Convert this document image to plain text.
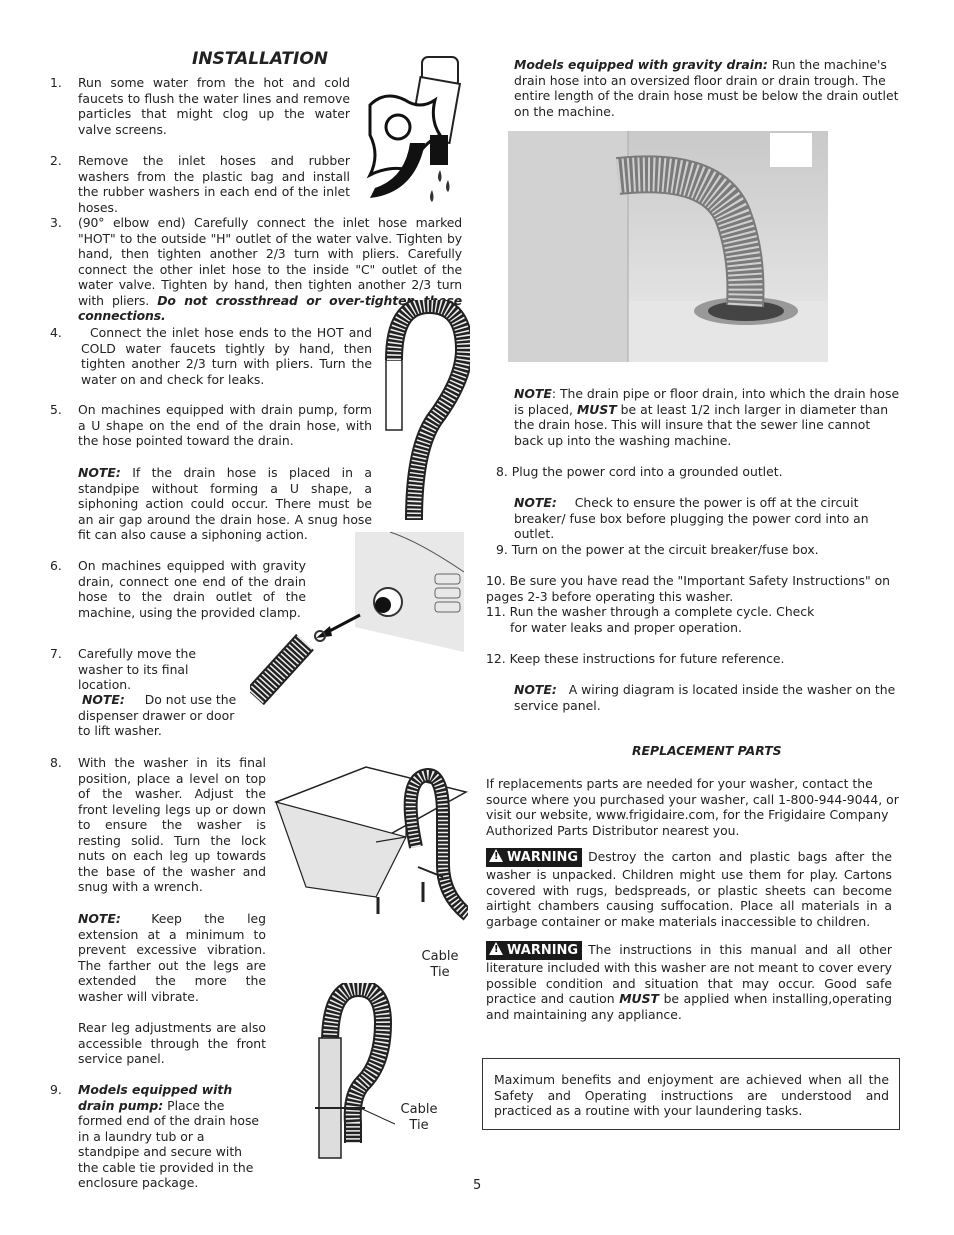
INSTALLATION
1. Run some water from the hot and cold faucets to flush the water lines and remove particles that might clog up the water valve screens.
2. Remove the inlet hoses and rubber washers from the plastic bag and install the rubber washers in each end of the inlet hoses.
3. (90° elbow end) Carefully connect the inlet hose marked "HOT" to the outside "H" outlet of the water valve. Tighten by hand, then tighten another 2/3 turn with pliers. Carefully connect the other inlet hose to the inside "C" outlet of the water valve. Tighten by hand, then tighten another 2/3 turn with pliers. Do not crossthread or over-tighten these connections.
4.	Connect the inlet hose ends to the HOT and COLD water faucets tightly by hand, then tighten another 2/3 turn with pliers. Turn the water on and check for leaks.
5. On machines equipped with drain pump, form a U shape on the end of the drain hose, with the hose pointed toward the drain.
NOTE: If the drain hose is placed in a standpipe without forming a U shape, a siphoning action could occur. There must be an air gap around the drain hose. A snug hose fit can also cause a siphoning action.
6. On machines equipped with gravity drain, connect one end of the drain hose to the drain outlet of the machine, using the provided clamp.
7. Carefully move the washer to its final location.
NOTE: Do not use the dispenser drawer or door to lift washer.
8. With the washer in its final position, place a level on top of the washer. Adjust the front leveling legs up or down to ensure the washer is resting solid. Turn the lock nuts on each leg up towards the base of the washer and snug with a wrench.
NOTE: Keep the leg extension at a minimum to prevent excessive vibration. The farther out the legs are extended the more the washer will vibrate.
Rear leg adjustments are also accessible through the front service panel.
9. Models equipped with drain pump: Place the formed end of the drain hose in a laundry tub or a standpipe and secure with the cable tie provided in the enclosure package.
Cable Tie
Cable Tie
Models equipped with gravity drain: Run the machine's drain hose into an oversized floor drain or drain trough. The entire length of the drain hose must be below the drain outlet on the machine.
NOTE: The drain pipe or floor drain, into which the drain hose is placed, MUST be at least 1/2 inch larger in diameter than the drain hose. This will insure that the sewer line cannot back up into the washing machine.
8. Plug the power cord into a grounded outlet.
NOTE: Check to ensure the power is off at the circuit breaker/ fuse box before plugging the power cord into an outlet.
9. Turn on the power at the circuit breaker/fuse box.
10. Be sure you have read the "Important Safety Instructions" on pages 2-3 before operating this washer.
11. Run the washer through a complete cycle. Check
for water leaks and proper operation.
12. Keep these instructions for future reference.
NOTE: A wiring diagram is located inside the washer on the service panel.
REPLACEMENT PARTS
If replacements parts are needed for your washer, contact the source where you purchased your washer, call 1-800-944-9044, or visit our website, www.frigidaire.com, for the Frigidaire Company Authorized Parts Distributor nearest you.
! WARNING Destroy the carton and plastic bags after the washer is unpacked. Children might use them for play. Cartons covered with rugs, bedspreads, or plastic sheets can become airtight chambers causing suffocation. Place all materials in a garbage container or make materials inaccessible to children.
! WARNING The instructions in this manual and all other literature included with this washer are not meant to cover every possible condition and situation that may occur. Good safe practice and caution MUST be applied when installing,operating and maintaining any appliance.
Maximum benefits and enjoyment are achieved when all the Safety and Operating instructions are understood and practiced as a routine with your laundering tasks.
5
